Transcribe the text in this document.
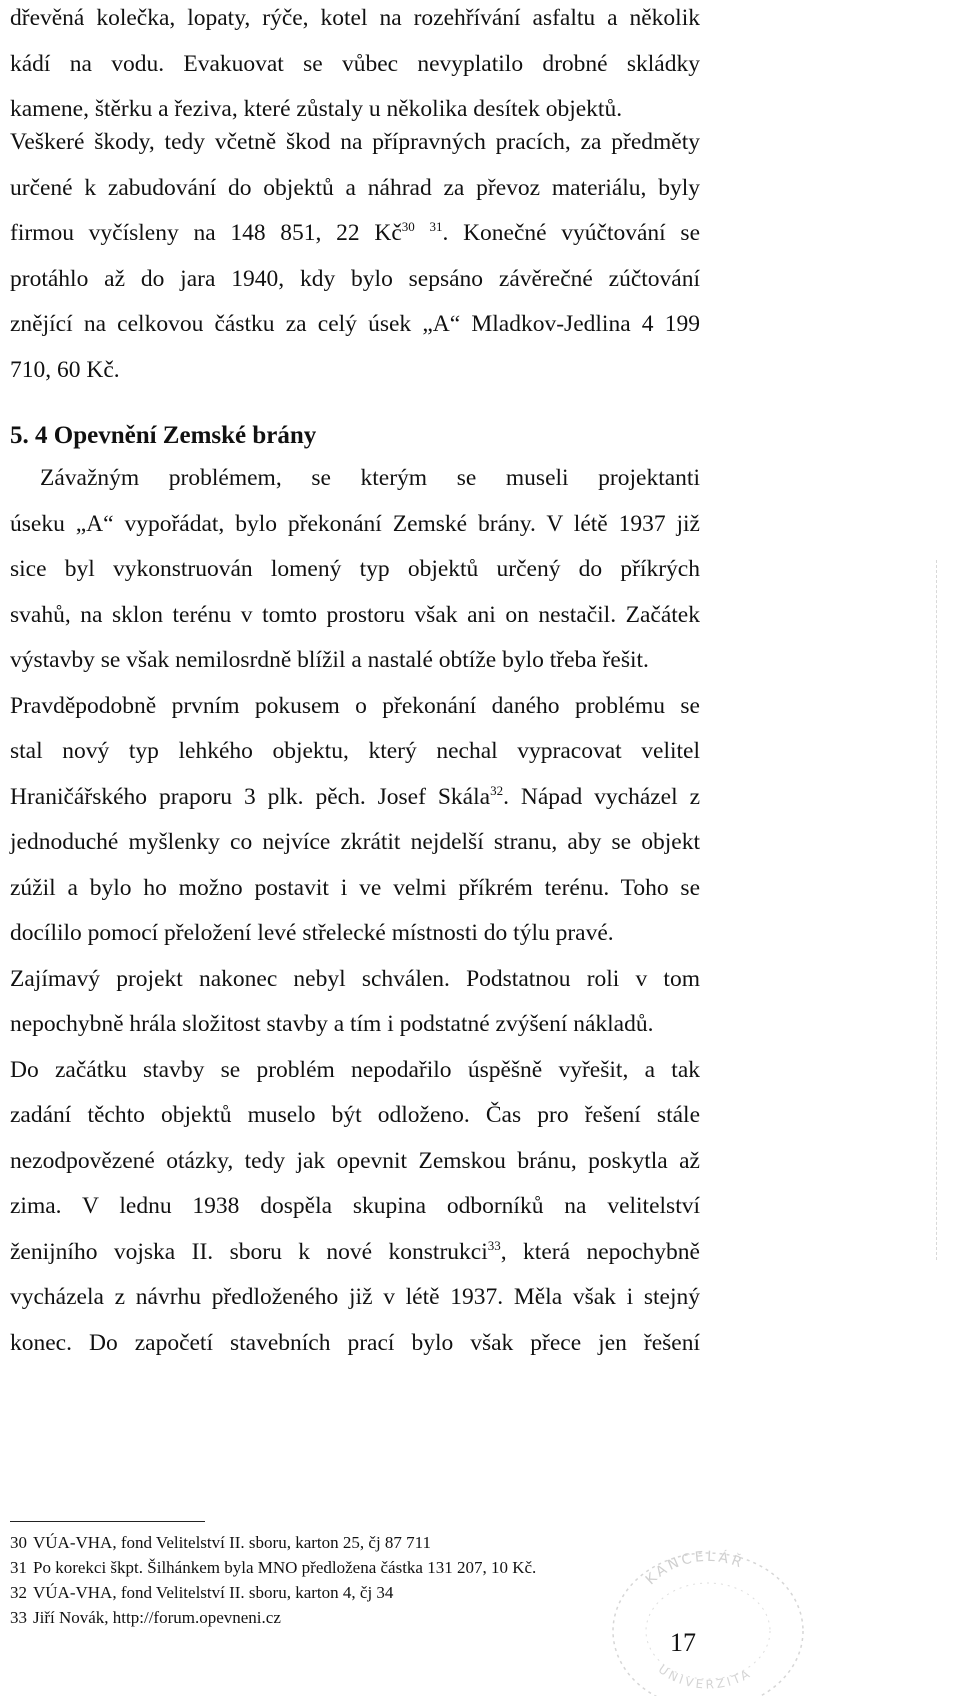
dřevěná kolečka, lopaty, rýče, kotel na rozehřívání asfaltu a několik
kádí na vodu. Evakuovat se vůbec nevyplatilo drobné skládky
kamene, štěrku a řeziva, které zůstaly u několika desítek objektů.
Veškeré škody, tedy včetně škod na přípravných pracích, za předměty
určené k zabudování do objektů a náhrad za převoz materiálu, byly
firmou vyčísleny na 148 851, 22 $Kč^{30}$ $^{31}$. Konečné vyúčtování se
protáhlo až do jara 1940, kdy bylo sepsáno závěrečné zúčtování
znějící na celkovou částku za celý úsek „A“ Mladkov-Jedlina 4 199
710, 60 Kč.
5. 4 Opevnění Zemské brány
Závažným problémem, se kterým se museli projektanti
úseku „A“ vypořádat, bylo překonání Zemské brány. V létě 1937 již
sice byl vykonstruován lomený typ objektů určený do příkrých
svahů, na sklon terénu v tomto prostoru však ani on nestačil. Začátek
výstavby se však nemilosrdně blížil a nastalé obtíže bylo třeba řešit.
Pravděpodobně prvním pokusem o překonání daného problému se
stal nový typ lehkého objektu, který nechal vypracovat velitel
Hraničářského praporu 3 plk. pěch. Josef Skála$^{32}$. Nápad vycházel z
jednoduché myšlenky co nejvíce zkrátit nejdelší stranu, aby se objekt
zúžil a bylo ho možno postavit i ve velmi příkrém terénu. Toho se
docílilo pomocí přeložení levé střelecké místnosti do týlu pravé.
Zajímavý projekt nakonec nebyl schválen. Podstatnou roli v tom
nepochybně hrála složitost stavby a tím i podstatné zvýšení nákladů.
Do začátku stavby se problém nepodařilo úspěšně vyřešit, a tak
zadání těchto objektů muselo být odloženo. Čas pro řešení stále
nezodpovězené otázky, tedy jak opevnit Zemskou bránu, poskytla až
zima. V lednu 1938 dospěla skupina odborníků na velitelství
ženijního vojska II. sboru k nové konstrukci$^{33}$, která nepochybně
vycházela z návrhu předloženého již v létě 1937. Měla však i stejný
konec. Do započetí stavebních prací bylo však přece jen řešení
30 VÚA-VHA, fond Velitelství II. sboru, karton 25, čj 87 711
31 Po korekci škpt. Šilhánkem byla MNO předložena částka 131 207, 10 Kč.
32 VÚA-VHA, fond Velitelství II. sboru, karton 4, čj 34
33 Jiří Novák, http://forum.opevneni.cz
KANCELÁŘ
UNIVERZITA
17
